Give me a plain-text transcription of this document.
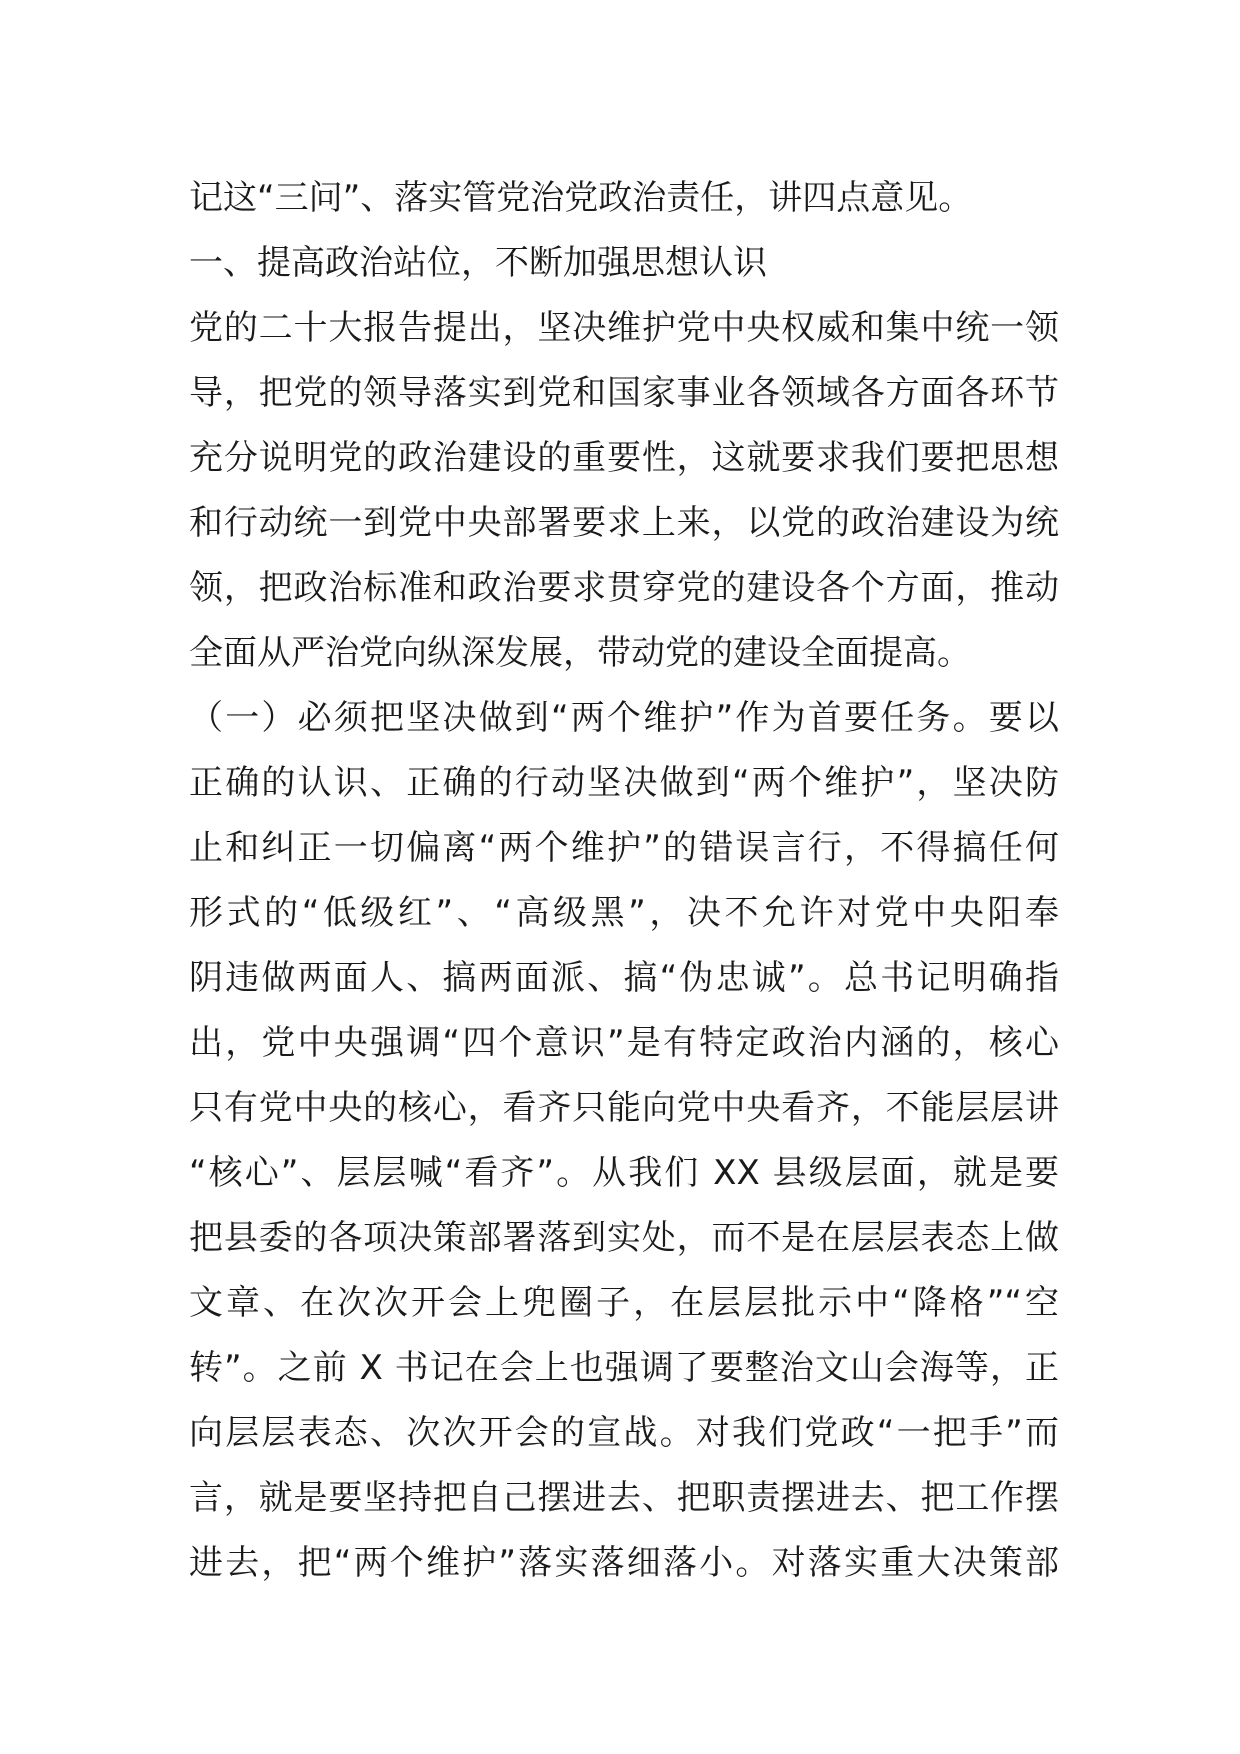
记这“三问”、落实管党治党政治责任，讲四点意见。
一、提高政治站位，不断加强思想认识
党的二十大报告提出，坚决维护党中央权威和集中统一领
导，把党的领导落实到党和国家事业各领域各方面各环节
充分说明党的政治建设的重要性，这就要求我们要把思想
和行动统一到党中央部署要求上来，以党的政治建设为统
领，把政治标准和政治要求贯穿党的建设各个方面，推动
全面从严治党向纵深发展，带动党的建设全面提高。
（一）必须把坚决做到“两个维护”作为首要任务。要以
正确的认识、正确的行动坚决做到“两个维护”，坚决防
止和纠正一切偏离“两个维护”的错误言行，不得搞任何
形式的“低级红”、“高级黑”，决不允许对党中央阳奉
阴违做两面人、搞两面派、搞“伪忠诚”。总书记明确指
出，党中央强调“四个意识”是有特定政治内涵的，核心
只有党中央的核心，看齐只能向党中央看齐，不能层层讲
“核心”、层层喊“看齐”。从我们 XX 县级层面，就是要
把县委的各项决策部署落到实处，而不是在层层表态上做
文章、在次次开会上兜圈子，在层层批示中“降格”“空
转”。之前 X 书记在会上也强调了要整治文山会海等，正
向层层表态、次次开会的宣战。对我们党政“一把手”而
言，就是要坚持把自己摆进去、把职责摆进去、把工作摆
进去，把“两个维护”落实落细落小。对落实重大决策部
